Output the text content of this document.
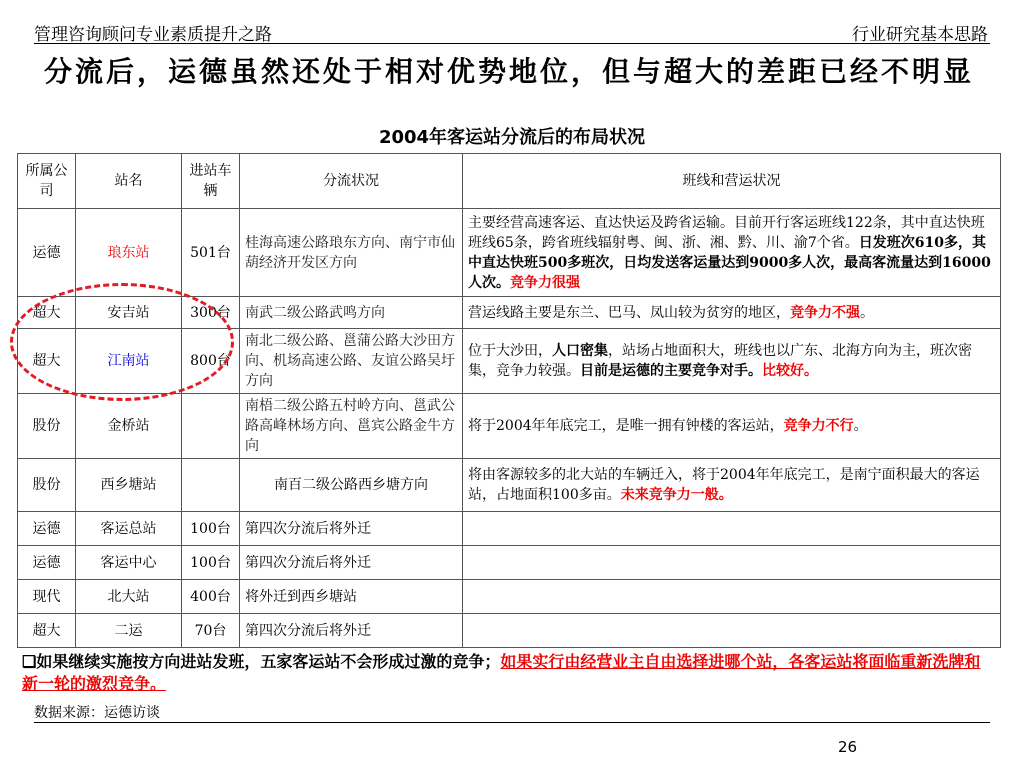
管理咨询顾问专业素质提升之路	行业研究基本思路
分流后，运德虽然还处于相对优势地位，但与超大的差距已经不明显
2004年客运站分流后的布局状况
所属公司	站名	进站车辆	分流状况	班线和营运状况
运德	琅东站	501台	桂海高速公路琅东方向、南宁市仙葫经济开发区方向	主要经营高速客运、直达快运及跨省运输。目前开行客运班线122条，其中直达快班班线65条，跨省班线辐射粤、闽、浙、湘、黔、川、渝7个省。日发班次610多，其中直达快班500多班次，日均发送客运量达到9000多人次，最高客流量达到16000人次。竞争力很强
超大	安吉站	300台	南武二级公路武鸣方向	营运线路主要是东兰、巴马、凤山较为贫穷的地区，竞争力不强。
超大	江南站	800台	南北二级公路、邕蒲公路大沙田方向、机场高速公路、友谊公路吴圩方向	位于大沙田，人口密集，站场占地面积大，班线也以广东、北海方向为主，班次密集，竞争力较强。目前是运德的主要竞争对手。比较好。
股份	金桥站		南梧二级公路五村岭方向、邕武公路高峰林场方向、邕宾公路金牛方向	将于2004年年底完工，是唯一拥有钟楼的客运站，竞争力不行。
股份	西乡塘站		南百二级公路西乡塘方向	将由客源较多的北大站的车辆迁入，将于2004年年底完工，是南宁面积最大的客运站，占地面积100多亩。未来竞争力一般。
运德	客运总站	100台	第四次分流后将外迁	
运德	客运中心	100台	第四次分流后将外迁	
现代	北大站	400台	将外迁到西乡塘站	
超大	二运	70台	第四次分流后将外迁	
❑如果继续实施按方向进站发班，五家客运站不会形成过激的竞争；如果实行由经营业主自由选择进哪个站，各客运站将面临重新洗牌和新一轮的激烈竞争。
数据来源：运德访谈
26
